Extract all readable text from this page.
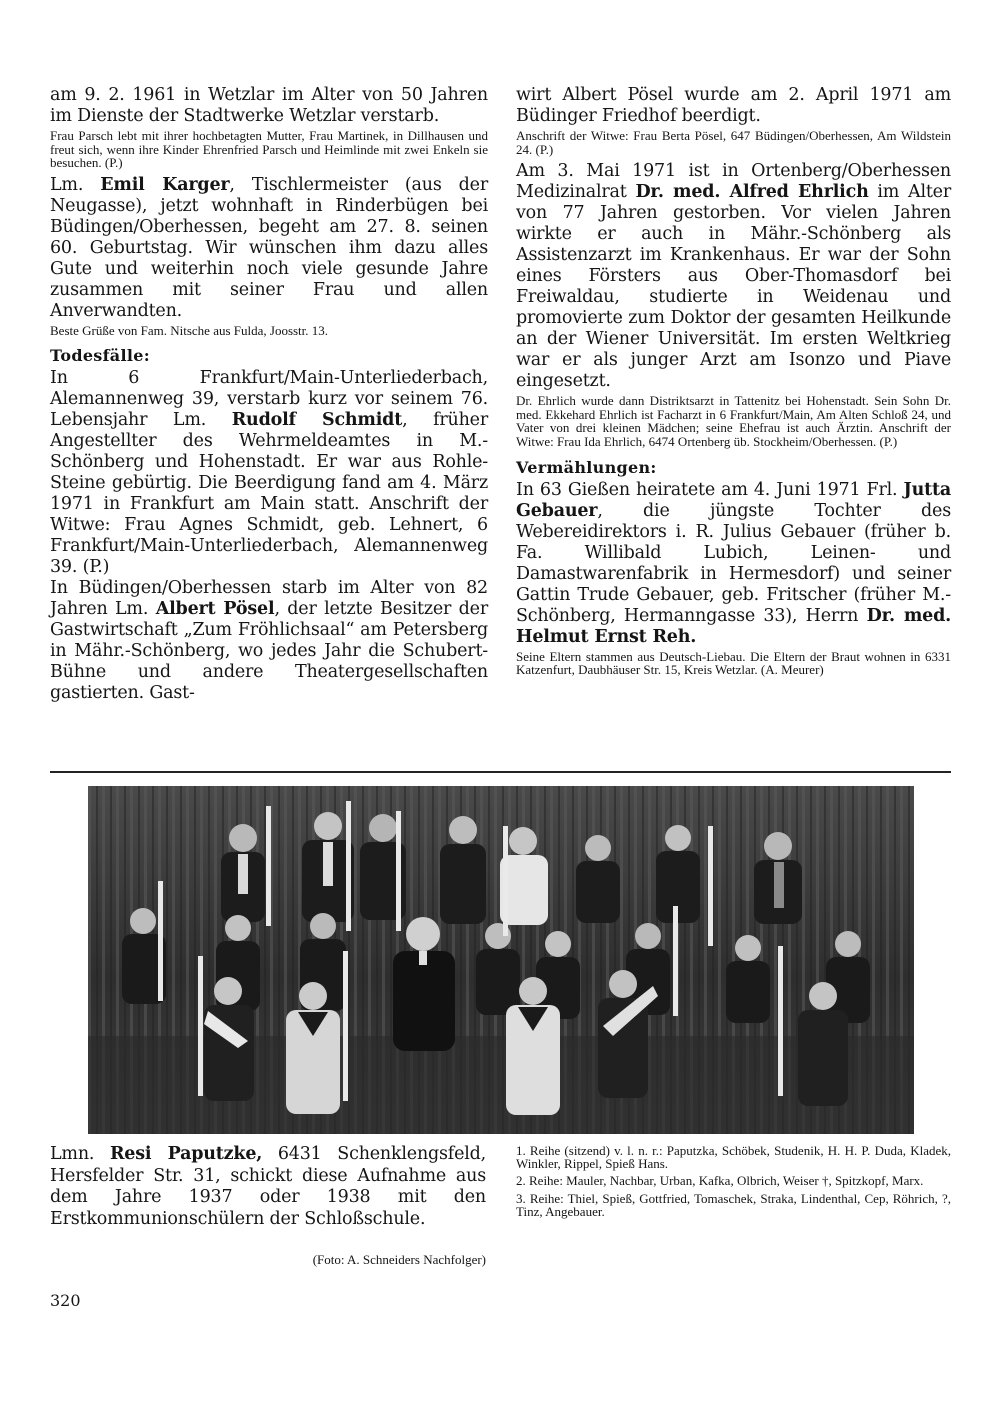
am 9. 2. 1961 in Wetzlar im Alter von 50 Jahren im Dienste der Stadtwerke Wetzlar verstarb.

Frau Parsch lebt mit ihrer hochbetagten Mutter, Frau Martinek, in Dillhausen und freut sich, wenn ihre Kinder Ehrenfried Parsch und Heimlinde mit zwei Enkeln sie besuchen. (P.)

Lm. Emil Karger, Tischlermeister (aus der Neugasse), jetzt wohnhaft in Rinderbügen bei Büdingen/Oberhessen, begeht am 27. 8. seinen 60. Geburtstag. Wir wünschen ihm dazu alles Gute und weiterhin noch viele gesunde Jahre zusammen mit seiner Frau und allen Anverwandten.

Beste Grüße von Fam. Nitsche aus Fulda, Joosstr. 13.

Todesfälle:

In 6 Frankfurt/Main-Unterliederbach, Alemannenweg 39, verstarb kurz vor seinem 76. Lebensjahr Lm. Rudolf Schmidt, früher Angestellter des Wehrmeldeamtes in M.-Schönberg und Hohenstadt. Er war aus Rohle-Steine gebürtig. Die Beerdigung fand am 4. März 1971 in Frankfurt am Main statt. Anschrift der Witwe: Frau Agnes Schmidt, geb. Lehnert, 6 Frankfurt/Main-Unterliederbach, Alemannenweg 39. (P.)

In Büdingen/Oberhessen starb im Alter von 82 Jahren Lm. Albert Pösel, der letzte Besitzer der Gastwirtschaft „Zum Fröhlichsaal“ am Petersberg in Mähr.-Schönberg, wo jedes Jahr die Schubert-Bühne und andere Theatergesellschaften gastierten. Gast-

wirt Albert Pösel wurde am 2. April 1971 am Büdinger Friedhof beerdigt.

Anschrift der Witwe: Frau Berta Pösel, 647 Büdingen/Oberhessen, Am Wildstein 24. (P.)

Am 3. Mai 1971 ist in Ortenberg/Oberhessen Medizinalrat Dr. med. Alfred Ehrlich im Alter von 77 Jahren gestorben. Vor vielen Jahren wirkte er auch in Mähr.-Schönberg als Assistenzarzt im Krankenhaus. Er war der Sohn eines Försters aus Ober-Thomasdorf bei Freiwaldau, studierte in Weidenau und promovierte zum Doktor der gesamten Heilkunde an der Wiener Universität. Im ersten Weltkrieg war er als junger Arzt am Isonzo und Piave eingesetzt.

Dr. Ehrlich wurde dann Distriktsarzt in Tattenitz bei Hohenstadt. Sein Sohn Dr. med. Ekkehard Ehrlich ist Facharzt in 6 Frankfurt/Main, Am Alten Schloß 24, und Vater von drei kleinen Mädchen; seine Ehefrau ist auch Ärztin. Anschrift der Witwe: Frau Ida Ehrlich, 6474 Ortenberg üb. Stockheim/Oberhessen. (P.)

Vermählungen:

In 63 Gießen heiratete am 4. Juni 1971 Frl. Jutta Gebauer, die jüngste Tochter des Webereidirektors i. R. Julius Gebauer (früher b. Fa. Willibald Lubich, Leinen- und Damastwarenfabrik in Hermesdorf) und seiner Gattin Trude Gebauer, geb. Fritscher (früher M.-Schönberg, Hermanngasse 33), Herrn Dr. med. Helmut Ernst Reh.

Seine Eltern stammen aus Deutsch-Liebau. Die Eltern der Braut wohnen in 6331 Katzenfurt, Daubhäuser Str. 15, Kreis Wetzlar. (A. Meurer)

Lmn. Resi Paputzke, 6431 Schenklengsfeld, Hersfelder Str. 31, schickt diese Aufnahme aus dem Jahre 1937 oder 1938 mit den Erstkommunionschülern der Schloßschule.

(Foto: A. Schneiders Nachfolger)

1. Reihe (sitzend) v. l. n. r.: Paputzka, Schöbek, Studenik, H. H. P. Duda, Kladek, Winkler, Rippel, Spieß Hans.

2. Reihe: Mauler, Nachbar, Urban, Kafka, Olbrich, Weiser †, Spitzkopf, Marx.

3. Reihe: Thiel, Spieß, Gottfried, Tomaschek, Straka, Lindenthal, Cep, Röhrich, ?, Tinz, Angebauer.

320
